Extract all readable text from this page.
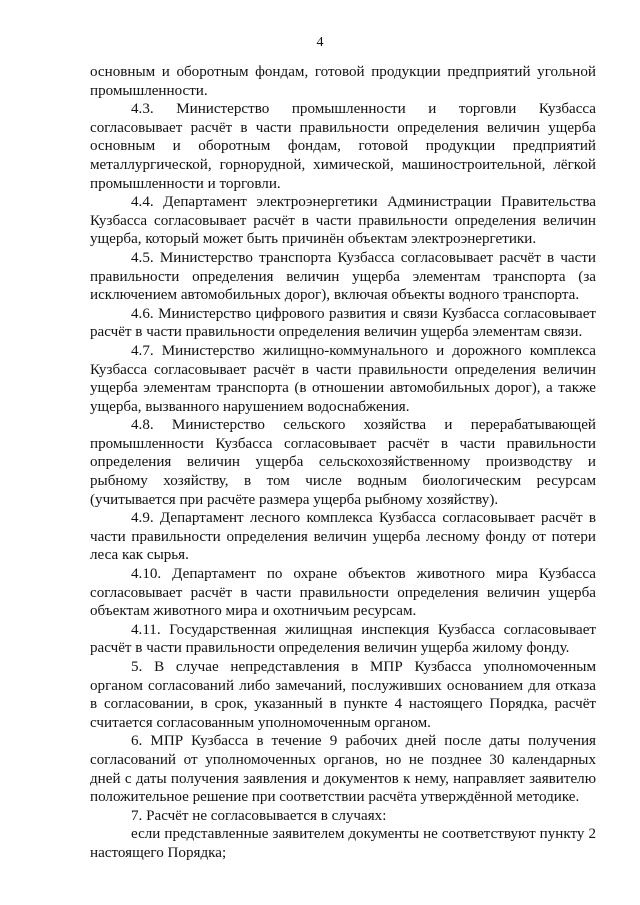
4

основным и оборотным фондам, готовой продукции предприятий угольной промышленности.

4.3. Министерство промышленности и торговли Кузбасса согласовывает расчёт в части правильности определения величин ущерба основным и оборотным фондам, готовой продукции предприятий металлургической, горнорудной, химической, машиностроительной, лёгкой промышленности и торговли.

4.4. Департамент электроэнергетики Администрации Правительства Кузбасса согласовывает расчёт в части правильности определения величин ущерба, который может быть причинён объектам электроэнергетики.

4.5. Министерство транспорта Кузбасса согласовывает расчёт в части правильности определения величин ущерба элементам транспорта (за исключением автомобильных дорог), включая объекты водного транспорта.

4.6. Министерство цифрового развития и связи Кузбасса согласовывает расчёт в части правильности определения величин ущерба элементам связи.

4.7. Министерство жилищно-коммунального и дорожного комплекса Кузбасса согласовывает расчёт в части правильности определения величин ущерба элементам транспорта (в отношении автомобильных дорог), а также ущерба, вызванного нарушением водоснабжения.

4.8. Министерство сельского хозяйства и перерабатывающей промышленности Кузбасса согласовывает расчёт в части правильности определения величин ущерба сельскохозяйственному производству и рыбному хозяйству, в том числе водным биологическим ресурсам (учитывается при расчёте размера ущерба рыбному хозяйству).

4.9. Департамент лесного комплекса Кузбасса согласовывает расчёт в части правильности определения величин ущерба лесному фонду от потери леса как сырья.

4.10. Департамент по охране объектов животного мира Кузбасса согласовывает расчёт в части правильности определения величин ущерба объектам животного мира и охотничьим ресурсам.

4.11. Государственная жилищная инспекция Кузбасса согласовывает расчёт в части правильности определения величин ущерба жилому фонду.

5. В случае непредставления в МПР Кузбасса уполномоченным органом согласований либо замечаний, послуживших основанием для отказа в согласовании, в срок, указанный в пункте 4 настоящего Порядка, расчёт считается согласованным уполномоченным органом.

6. МПР Кузбасса в течение 9 рабочих дней после даты получения согласований от уполномоченных органов, но не позднее 30 календарных дней с даты получения заявления и документов к нему, направляет заявителю положительное решение при соответствии расчёта утверждённой методике.

7. Расчёт не согласовывается в случаях:

если представленные заявителем документы не соответствуют пункту 2 настоящего Порядка;
